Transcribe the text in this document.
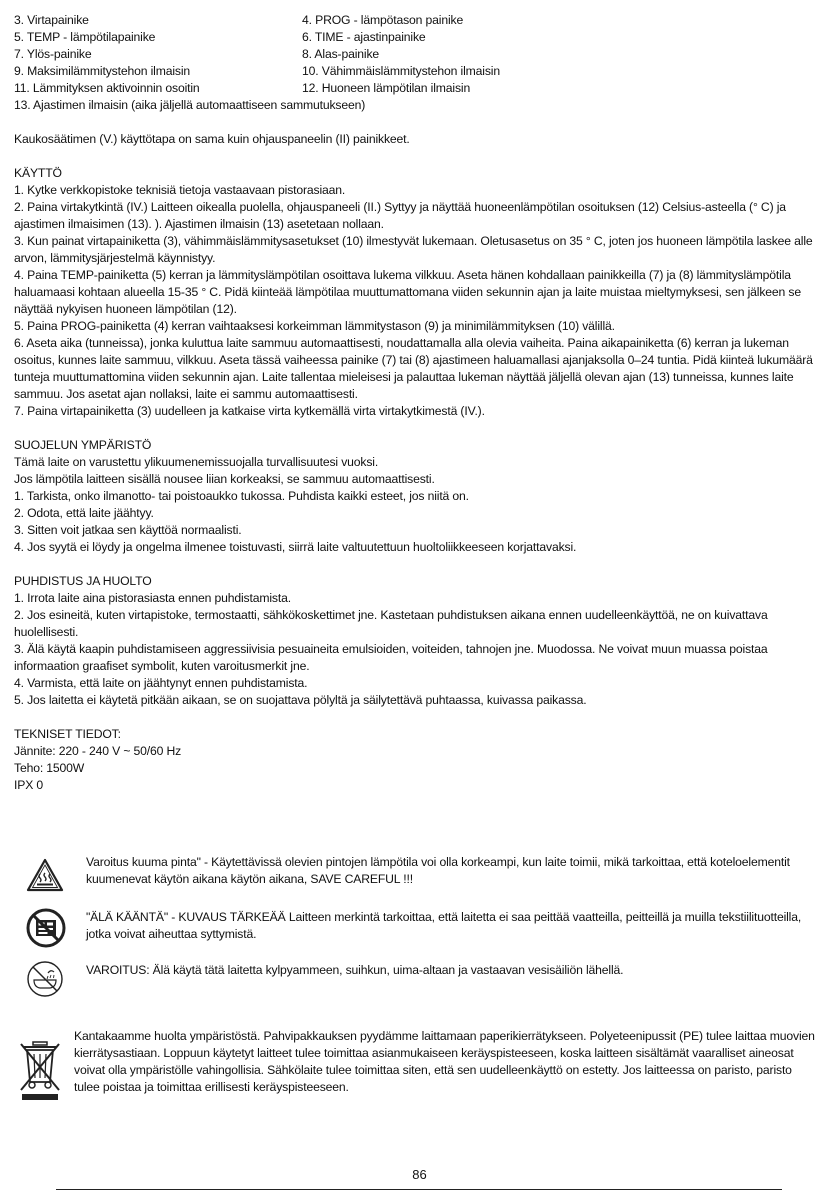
3. Virtapainike	4. PROG - lämpötason painike
5. TEMP - lämpötilapainike	6. TIME - ajastinpainike
7. Ylös-painike	8. Alas-painike
9. Maksimilämmitystehon ilmaisin	10. Vähimmäislämmitystehon ilmaisin
11. Lämmityksen aktivoinnin osoitin	12. Huoneen lämpötilan ilmaisin
13. Ajastimen ilmaisin (aika jäljellä automaattiseen sammutukseen)
Kaukosäätimen (V.) käyttötapa on sama kuin ohjauspaneelin (II) painikkeet.
KÄYTTÖ
1. Kytke verkkopistoke teknisiä tietoja vastaavaan pistorasiaan.
2. Paina virtakytkintä (IV.) Laitteen oikealla puolella, ohjauspaneeli (II.) Syttyy ja näyttää huoneenlämpötilan osoituksen (12) Celsius-asteella (° C) ja ajastimen ilmaisimen (13). ). Ajastimen ilmaisin (13) asetetaan nollaan.
3. Kun painat virtapainiketta (3), vähimmäislämmitysasetukset (10) ilmestyvät lukemaan. Oletusasetus on 35 ° C, joten jos huoneen lämpötila laskee alle arvon, lämmitysjärjestelmä käynnistyy.
4. Paina TEMP-painiketta (5) kerran ja lämmityslämpötilan osoittava lukema vilkkuu. Aseta hänen kohdallaan painikkeilla (7) ja (8) lämmityslämpötila haluamaasi kohtaan alueella 15-35 ° C. Pidä kiinteää lämpötilaa muuttumattomana viiden sekunnin ajan ja laite muistaa mieltymyksesi, sen jälkeen se näyttää nykyisen huoneen lämpötilan (12).
5. Paina PROG-painiketta (4) kerran vaihtaaksesi korkeimman lämmitystason (9) ja minimilämmityksen (10) välillä.
6. Aseta aika (tunneissa), jonka kuluttua laite sammuu automaattisesti, noudattamalla alla olevia vaiheita. Paina aikapainiketta (6) kerran ja lukeman osoitus, kunnes laite sammuu, vilkkuu. Aseta tässä vaiheessa painike (7) tai (8) ajastimeen haluamallasi ajanjaksolla 0–24 tuntia. Pidä kiinteä lukumäärä tunteja muuttumattomina viiden sekunnin ajan. Laite tallentaa mieleisesi ja palauttaa lukeman näyttää jäljellä olevan ajan (13) tunneissa, kunnes laite sammuu. Jos asetat ajan nollaksi, laite ei sammu automaattisesti.
7. Paina virtapainiketta (3) uudelleen ja katkaise virta kytkemällä virta virtakytkimestä (IV.).
SUOJELUN YMPÄRISTÖ
Tämä laite on varustettu ylikuumenemissuojalla turvallisuutesi vuoksi.
Jos lämpötila laitteen sisällä nousee liian korkeaksi, se sammuu automaattisesti.
1. Tarkista, onko ilmanotto- tai poistoaukko tukossa. Puhdista kaikki esteet, jos niitä on.
2. Odota, että laite jäähtyy.
3. Sitten voit jatkaa sen käyttöä normaalisti.
4. Jos syytä ei löydy ja ongelma ilmenee toistuvasti, siirrä laite valtuutettuun huoltoliikkeeseen korjattavaksi.
PUHDISTUS JA HUOLTO
1. Irrota laite aina pistorasiasta ennen puhdistamista.
2. Jos esineitä, kuten virtapistoke, termostaatti, sähkökoskettimet jne. Kastetaan puhdistuksen aikana ennen uudelleenkäyttöä, ne on kuivattava huolellisesti.
3. Älä käytä kaapin puhdistamiseen aggressiivisia pesuaineita emulsioiden, voiteiden, tahnojen jne. Muodossa. Ne voivat muun muassa poistaa informaation graafiset symbolit, kuten varoitusmerkit jne.
4. Varmista, että laite on jäähtynyt ennen puhdistamista.
5. Jos laitetta ei käytetä pitkään aikaan, se on suojattava pölyltä ja säilytettävä puhtaassa, kuivassa paikassa.
TEKNISET TIEDOT:
Jännite: 220 - 240 V ~ 50/60 Hz
Teho: 1500W
IPX 0
Varoitus kuuma pinta" - Käytettävissä olevien pintojen lämpötila voi olla korkeampi, kun laite toimii, mikä tarkoittaa, että koteloelementit kuumenevat käytön aikana käytön aikana, SAVE CAREFUL !!!
"ÄLÄ KÄÄNTÄ" - KUVAUS TÄRKEÄÄ Laitteen merkintä tarkoittaa, että laitetta ei saa peittää vaatteilla, peitteillä ja muilla tekstiilituotteilla, jotka voivat aiheuttaa syttymistä.
VAROITUS: Älä käytä tätä laitetta kylpyammeen, suihkun, uima-altaan ja vastaavan vesisäiliön lähellä.
Kantakaamme huolta ympäristöstä. Pahvipakkauksen pyydämme laittamaan paperikierrätykseen. Polyeteenipussit (PE) tulee laittaa muovien kierrätysastiaan. Loppuun käytetyt laitteet tulee toimittaa asianmukaiseen keräyspisteeseen, koska laitteen sisältämät vaaralliset aineosat voivat olla ympäristölle vahingollisia. Sähkölaite tulee toimittaa siten, että sen uudelleenkäyttö on estetty. Jos laitteessa on paristo, paristo tulee poistaa ja toimittaa erillisesti keräyspisteeseen.
86
